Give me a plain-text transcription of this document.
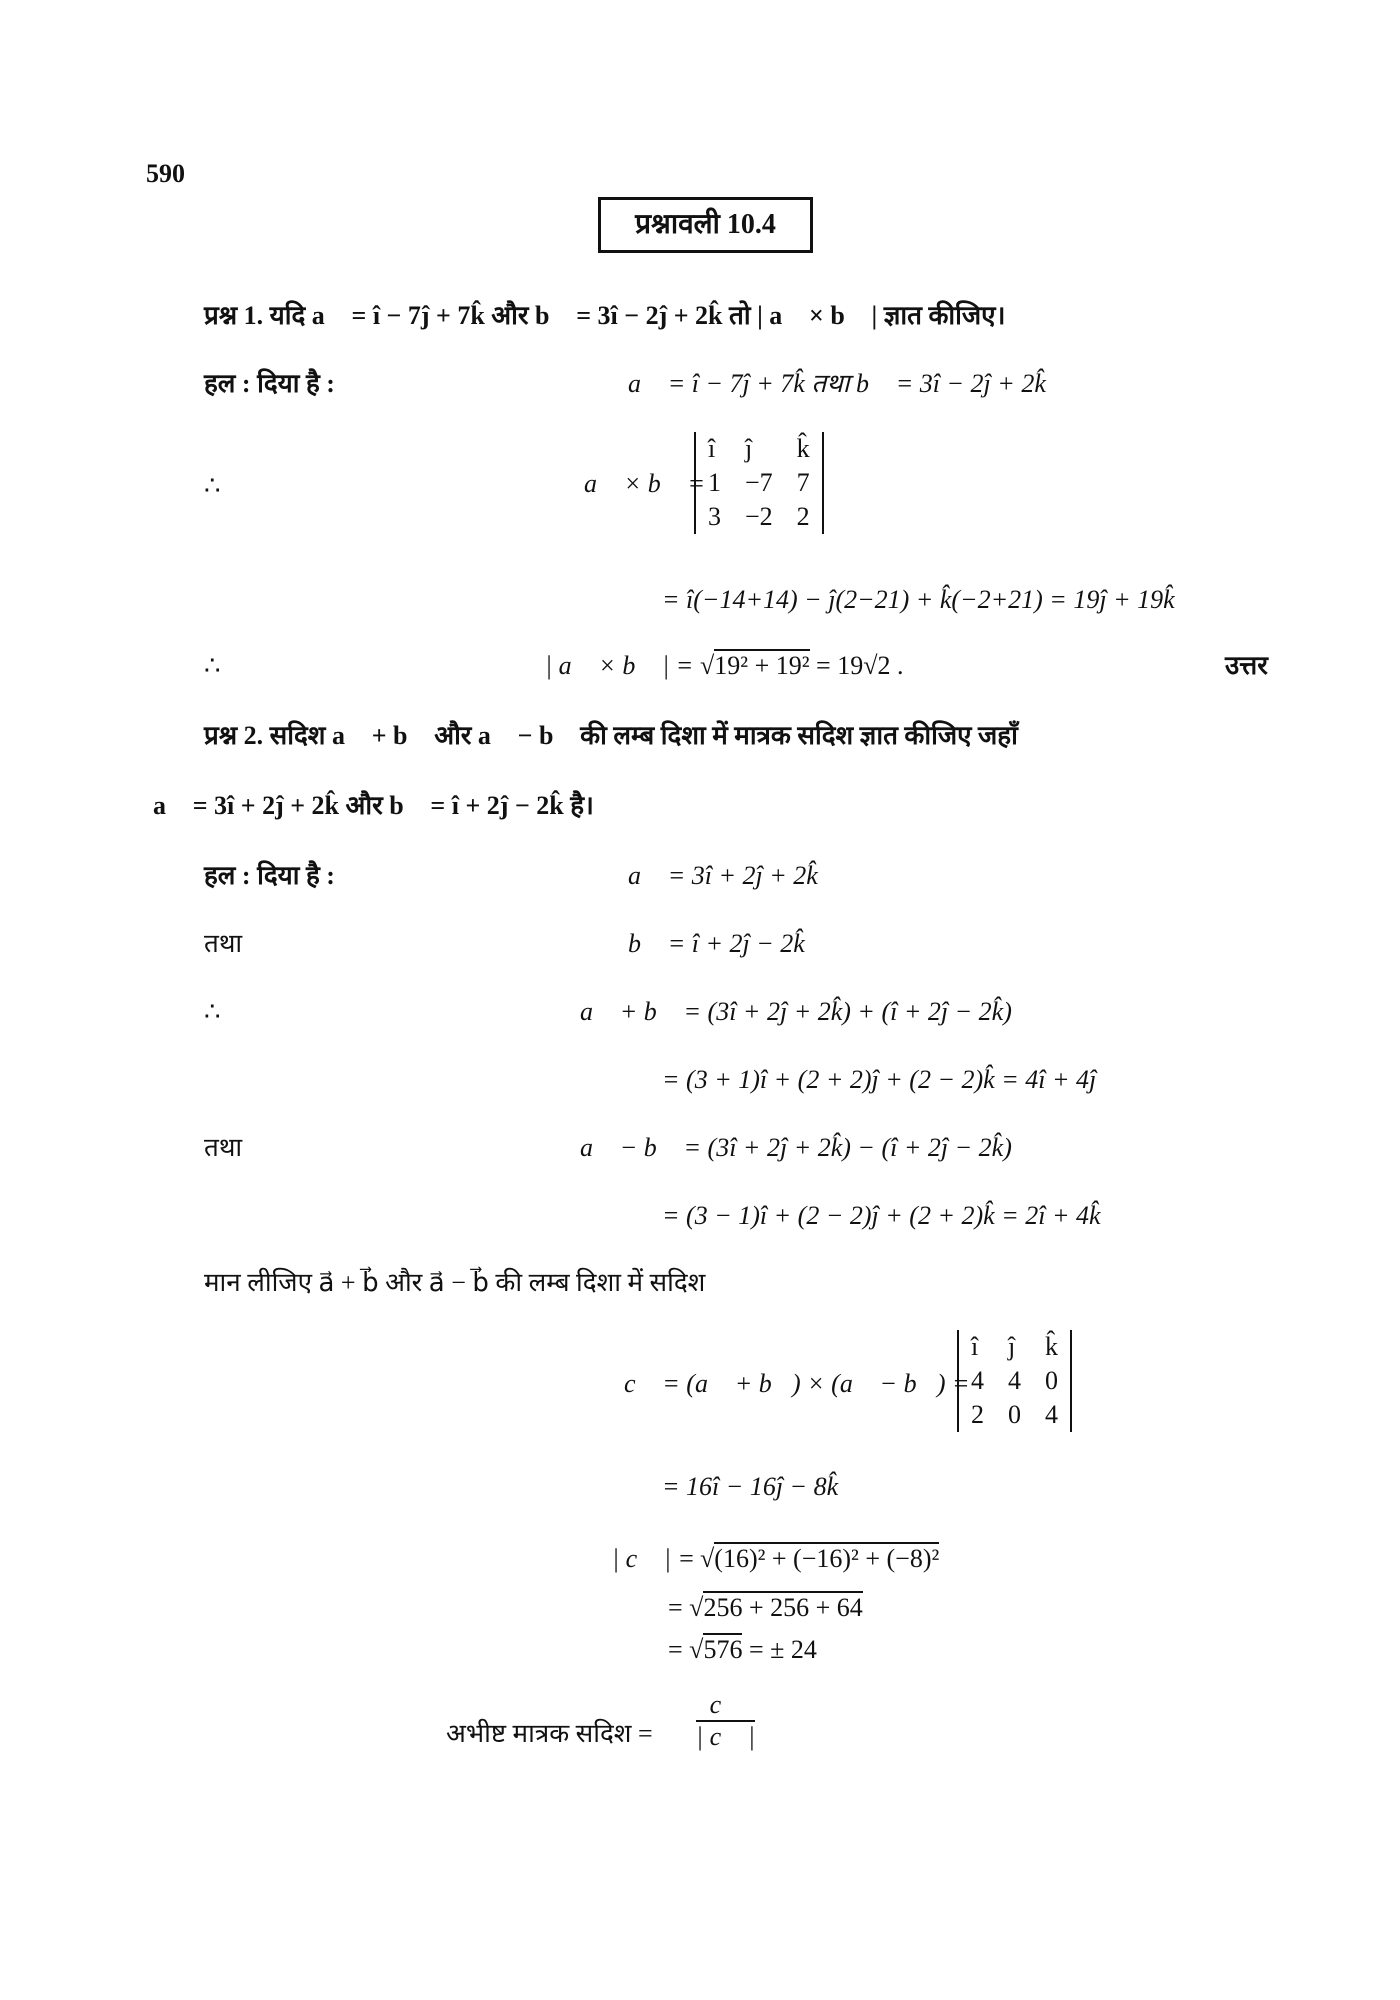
590
प्रश्नावली 10.4
प्रश्न 1. यदि a⃗ = î − 7ĵ + 7k̂ और b⃗ = 3î − 2ĵ + 2k̂ तो | a⃗ × b⃗ | ज्ञात कीजिए।
हल : दिया है :	a⃗ = î − 7ĵ + 7k̂ तथा b⃗ = 3î − 2ĵ + 2k̂
∴	a⃗ × b⃗ =
î	ĵ	k̂
1	−7	7
3	−2	2
= î(−14+14) − ĵ(2−21) + k̂(−2+21) = 19ĵ + 19k̂
∴	| a⃗ × b⃗ | = √19² + 19² = 19√2 .	उत्तर
प्रश्न 2. सदिश a⃗ + b⃗ और a⃗ − b⃗ की लम्ब दिशा में मात्रक सदिश ज्ञात कीजिए जहाँ
a⃗ = 3î + 2ĵ + 2k̂ और b⃗ = î + 2ĵ − 2k̂ है।
हल : दिया है :	a⃗ = 3î + 2ĵ + 2k̂
तथा	b⃗ = î + 2ĵ − 2k̂
∴	a⃗ + b⃗ = (3î + 2ĵ + 2k̂) + (î + 2ĵ − 2k̂)
= (3 + 1)î + (2 + 2)ĵ + (2 − 2)k̂ = 4î + 4ĵ
तथा	a⃗ − b⃗ = (3î + 2ĵ + 2k̂) − (î + 2ĵ − 2k̂)
= (3 − 1)î + (2 − 2)ĵ + (2 + 2)k̂ = 2î + 4k̂
मान लीजिए a⃗ + b⃗ और a⃗ − b⃗ की लम्ब दिशा में सदिश
c⃗ = (a⃗ + b⃗) × (a⃗ − b⃗) =
î	ĵ	k̂
4	4	0
2	0	4
= 16î − 16ĵ − 8k̂
| c⃗ | = √(16)² + (−16)² + (−8)²
= √256 + 256 + 64
= √576 = ± 24
अभीष्ट मात्रक सदिश = $\frac{c⃗}{| c⃗ |}$
